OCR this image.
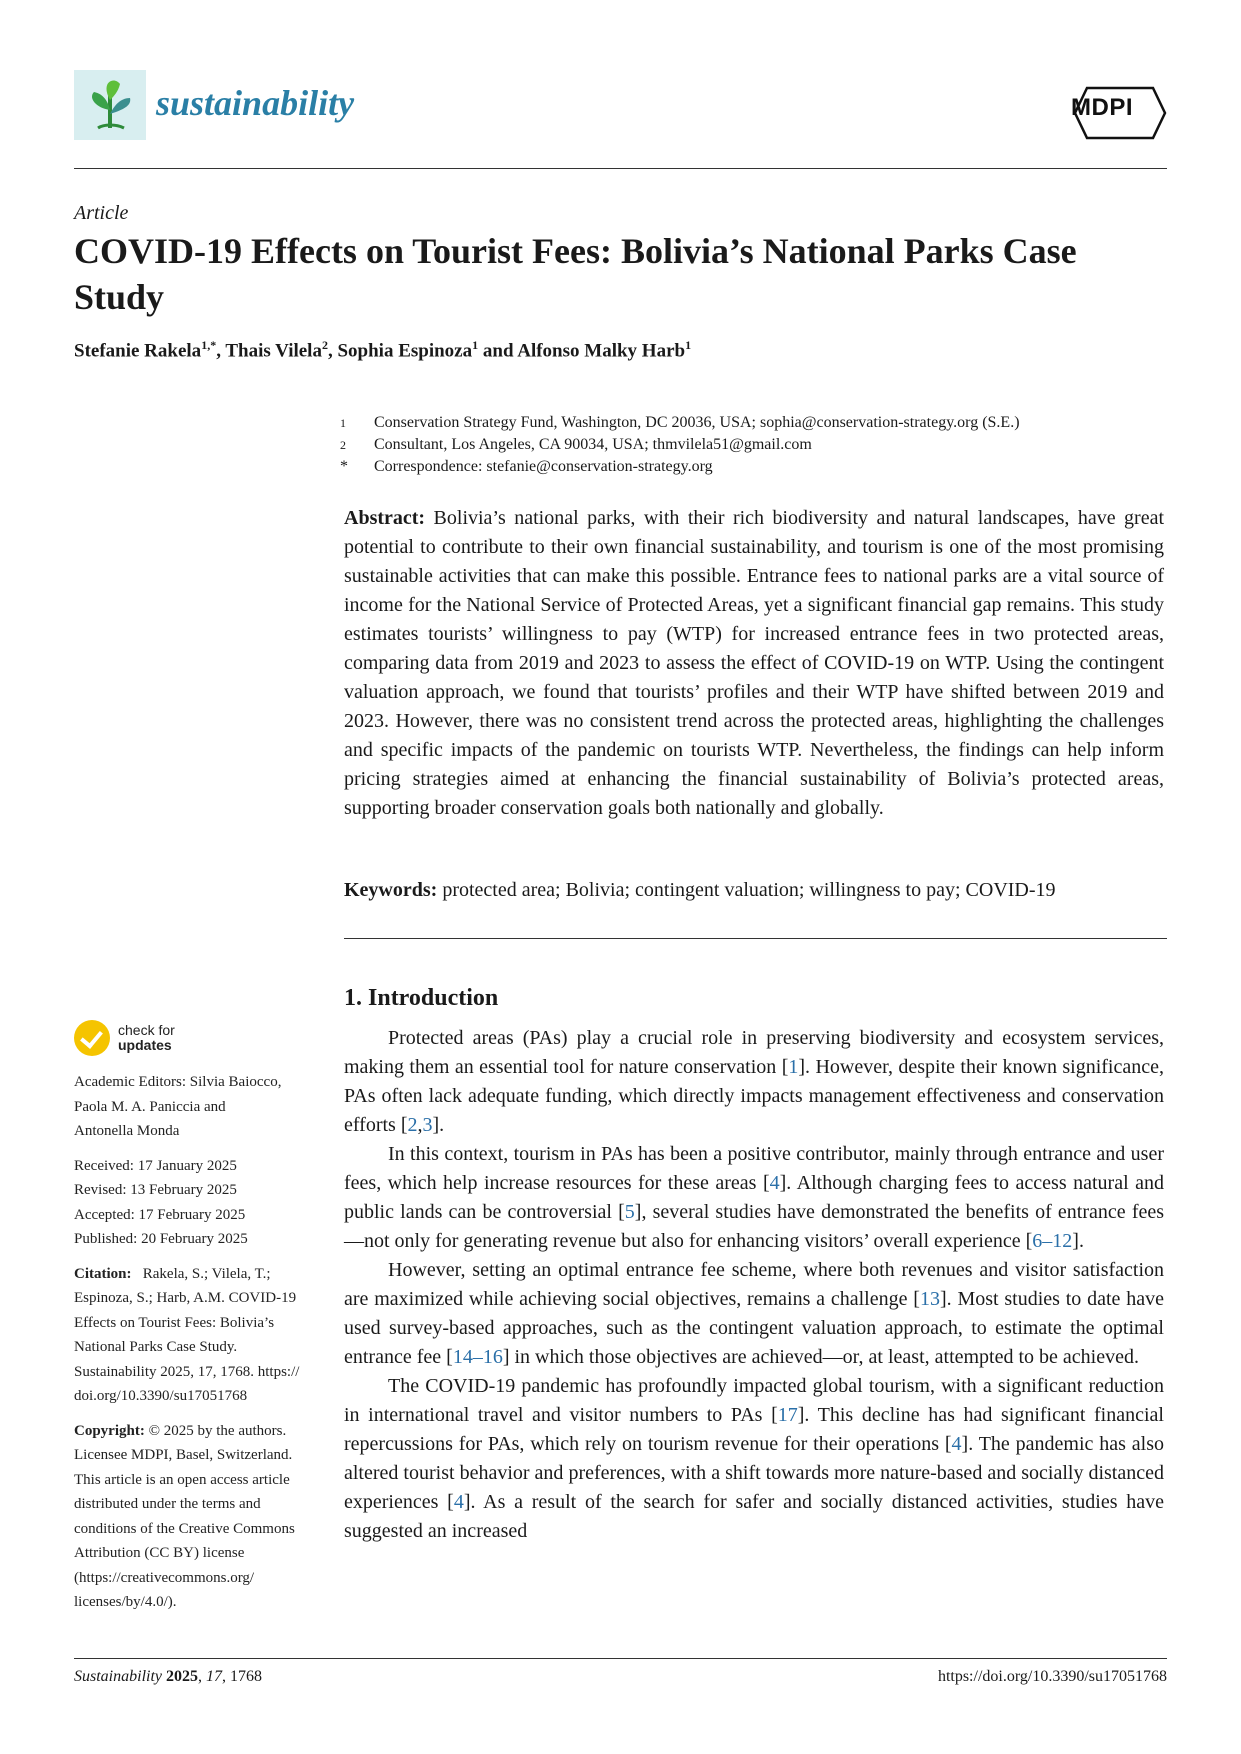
sustainability	MDPI
Article
COVID-19 Effects on Tourist Fees: Bolivia’s National Parks Case Study
Stefanie Rakela$^{1,*}$, Thais Vilela$^2$, Sophia Espinoza$^1$ and Alfonso Malky Harb$^1$
1	Conservation Strategy Fund, Washington, DC 20036, USA; sophia@conservation-strategy.org (S.E.)
2	Consultant, Los Angeles, CA 90034, USA; thmvilela51@gmail.com
*	Correspondence: stefanie@conservation-strategy.org
Abstract: Bolivia’s national parks, with their rich biodiversity and natural landscapes, have great potential to contribute to their own financial sustainability, and tourism is one of the most promising sustainable activities that can make this possible. Entrance fees to national parks are a vital source of income for the National Service of Protected Areas, yet a significant financial gap remains. This study estimates tourists’ willingness to pay (WTP) for increased entrance fees in two protected areas, comparing data from 2019 and 2023 to assess the effect of COVID-19 on WTP. Using the contingent valuation approach, we found that tourists’ profiles and their WTP have shifted between 2019 and 2023. However, there was no consistent trend across the protected areas, highlighting the challenges and specific impacts of the pandemic on tourists WTP. Nevertheless, the findings can help inform pricing strategies aimed at enhancing the financial sustainability of Bolivia’s protected areas, supporting broader conservation goals both nationally and globally.
Keywords: protected area; Bolivia; contingent valuation; willingness to pay; COVID-19
check for
updates
Academic Editors: Silvia Baiocco,
Paola M. A. Paniccia and
Antonella Monda
Received: 17 January 2025
Revised: 13 February 2025
Accepted: 17 February 2025
Published: 20 February 2025
Citation: Rakela, S.; Vilela, T.;
Espinoza, S.; Harb, A.M. COVID-19
Effects on Tourist Fees: Bolivia’s
National Parks Case Study.
Sustainability 2025, 17, 1768. https://
doi.org/10.3390/su17051768
Copyright: © 2025 by the authors.
Licensee MDPI, Basel, Switzerland.
This article is an open access article
distributed under the terms and
conditions of the Creative Commons
Attribution (CC BY) license
(https://creativecommons.org/
licenses/by/4.0/).
1. Introduction

Protected areas (PAs) play a crucial role in preserving biodiversity and ecosystem services, making them an essential tool for nature conservation [1]. However, despite their known significance, PAs often lack adequate funding, which directly impacts management effectiveness and conservation efforts [2,3].

In this context, tourism in PAs has been a positive contributor, mainly through entrance and user fees, which help increase resources for these areas [4]. Although charging fees to access natural and public lands can be controversial [5], several studies have demonstrated the benefits of entrance fees—not only for generating revenue but also for enhancing visitors’ overall experience [6–12].

However, setting an optimal entrance fee scheme, where both revenues and visitor satisfaction are maximized while achieving social objectives, remains a challenge [13]. Most studies to date have used survey-based approaches, such as the contingent valuation approach, to estimate the optimal entrance fee [14–16] in which those objectives are achieved—or, at least, attempted to be achieved.

The COVID-19 pandemic has profoundly impacted global tourism, with a significant reduction in international travel and visitor numbers to PAs [17]. This decline has had significant financial repercussions for PAs, which rely on tourism revenue for their operations [4]. The pandemic has also altered tourist behavior and preferences, with a shift towards more nature-based and socially distanced experiences [4]. As a result of the search for safer and socially distanced activities, studies have suggested an increased

Sustainability 2025, 17, 1768	https://doi.org/10.3390/su17051768
